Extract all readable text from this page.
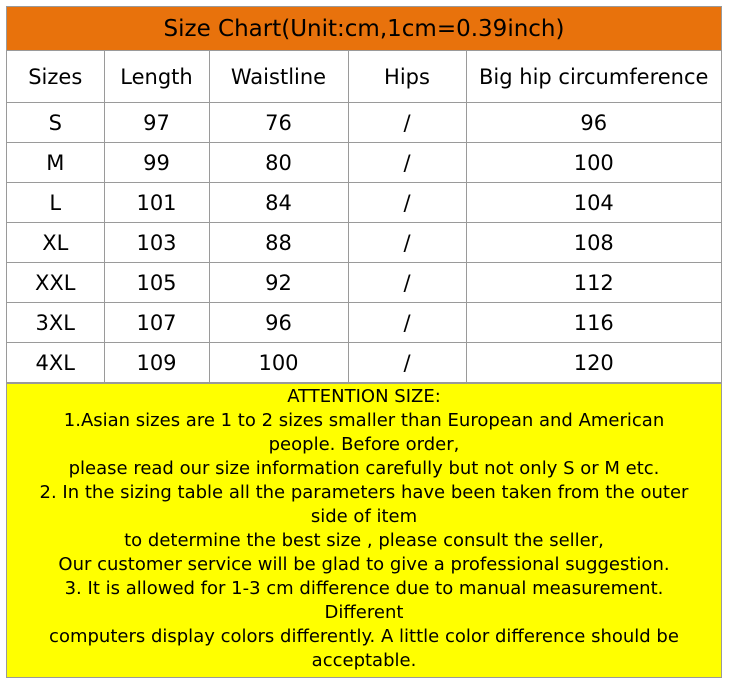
Size Chart(Unit:cm,1cm=0.39inch)
Sizes	Length	Waistline	Hips	Big hip circumference
S	97	76	/	96
M	99	80	/	100
L	101	84	/	104
XL	103	88	/	108
XXL	105	92	/	112
3XL	107	96	/	116
4XL	109	100	/	120
ATTENTION SIZE:
1.Asian sizes are 1 to 2 sizes smaller than European and American
people. Before order,
please read our size information carefully but not only S or M etc.
2. In the sizing table all the parameters have been taken from the outer
side of item
to determine the best size , please consult the seller,
Our customer service will be glad to give a professional suggestion.
3. It is allowed for 1-3 cm difference due to manual measurement.
Different
computers display colors differently. A little color difference should be
acceptable.
